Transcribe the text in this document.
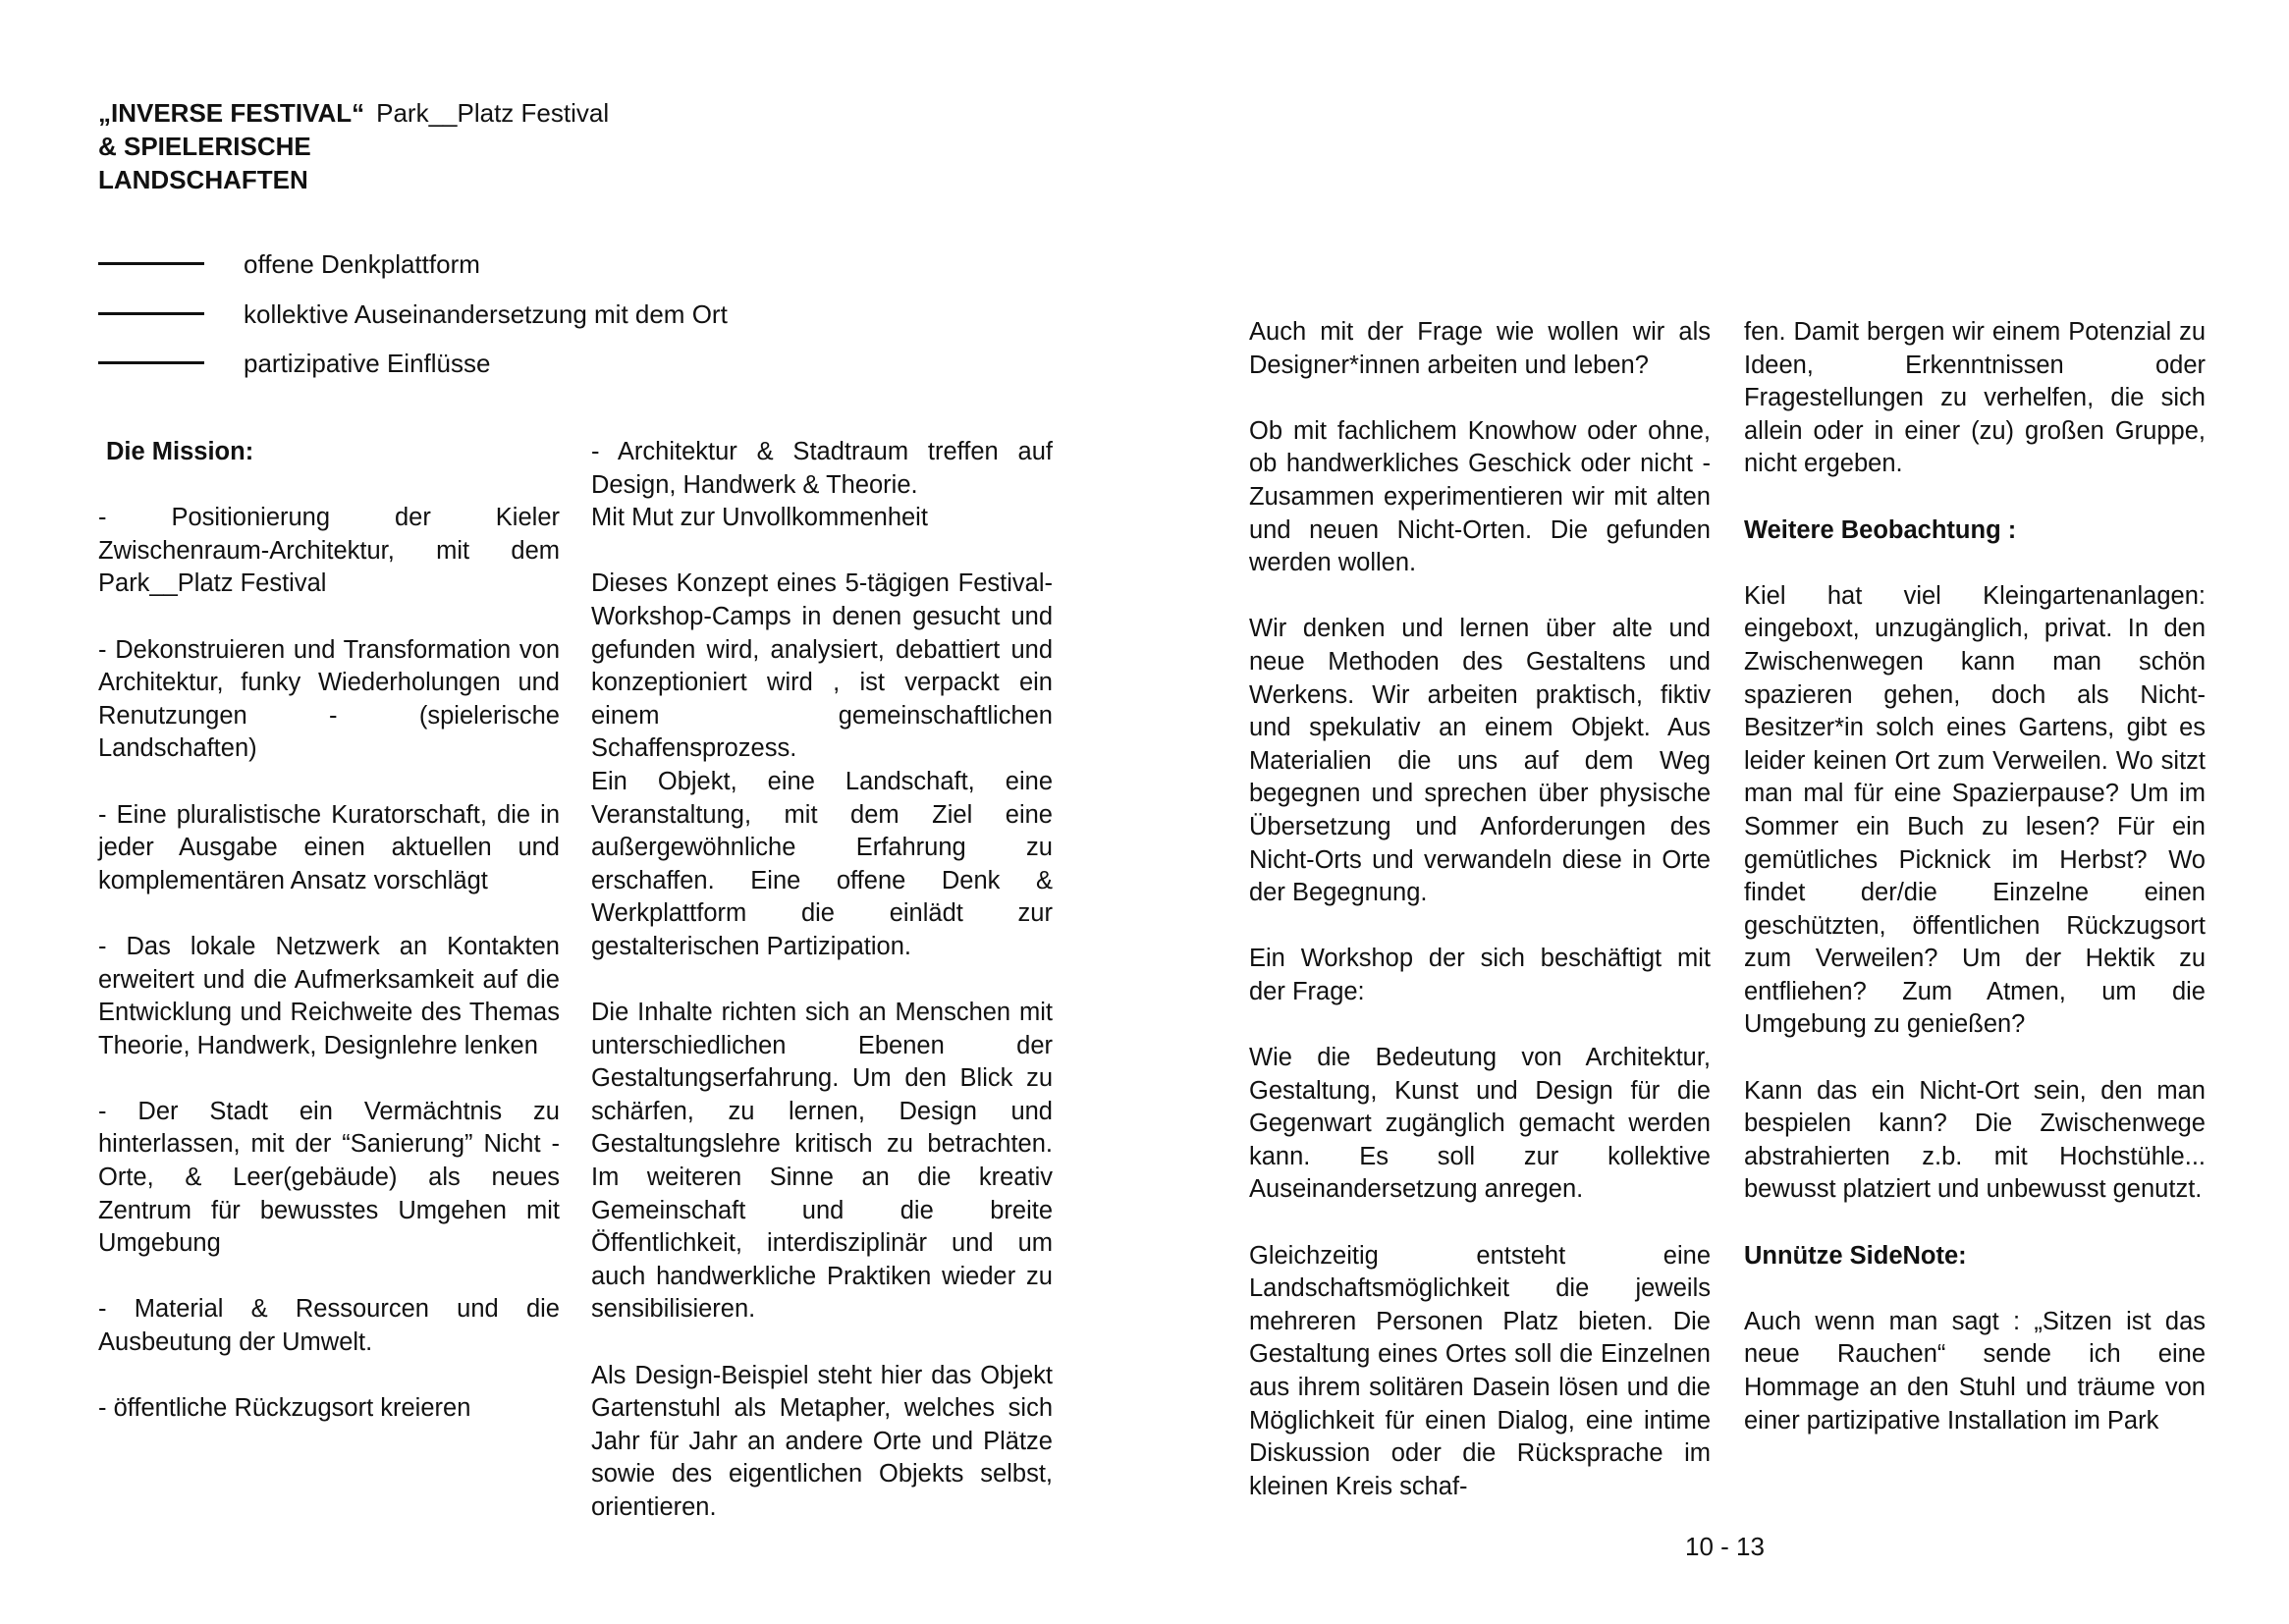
„INVERSE FESTIVAL“ Park__Platz Festival
& SPIELERISCHE
LANDSCHAFTEN
offene Denkplattform
kollektive Auseinandersetzung mit dem Ort
partizipative Einflüsse

Die Mission:

- Positionierung der Kieler Zwischenraum-Architektur, mit dem Park__Platz Festival

- Dekonstruieren und Transformation von Architektur, funky Wiederholungen und Renutzungen - (spielerische Landschaften)

- Eine pluralistische Kuratorschaft, die in jeder Ausgabe einen aktuellen und komplementären Ansatz vorschlägt

- Das lokale Netzwerk an Kontakten erweitert und die Aufmerksamkeit auf die Entwicklung und Reichweite des Themas Theorie, Handwerk, Designlehre lenken

- Der Stadt ein Vermächtnis zu hinterlassen, mit der “Sanierung” Nicht - Orte, & Leer(gebäude) als neues Zentrum für bewusstes Umgehen mit Umgebung

- Material & Ressourcen und die Ausbeutung der Umwelt.

- öffentliche Rückzugsort kreieren

- Architektur & Stadtraum treffen auf Design, Handwerk & Theorie.

Mit Mut zur Unvollkommenheit

Dieses Konzept eines 5-tägigen Festival-Workshop-Camps in denen gesucht und gefunden wird, analysiert, debattiert und konzeptioniert wird , ist verpackt ein einem gemeinschaftlichen Schaffensprozess.

Ein Objekt, eine Landschaft, eine Veranstaltung, mit dem Ziel eine außergewöhnliche Erfahrung zu erschaffen. Eine offene Denk & Werkplattform die einlädt zur gestalterischen Partizipation.

Die Inhalte richten sich an Menschen mit unterschiedlichen Ebenen der Gestaltungserfahrung. Um den Blick zu schärfen, zu lernen, Design und Gestaltungslehre kritisch zu betrachten. Im weiteren Sinne an die kreativ Gemeinschaft und die breite Öffentlichkeit, interdisziplinär und um auch handwerkliche Praktiken wieder zu sensibilisieren.

Als Design-Beispiel steht hier das Objekt Gartenstuhl als Metapher, welches sich Jahr für Jahr an andere Orte und Plätze sowie des eigentlichen Objekts selbst, orientieren.

Auch mit der Frage wie wollen wir als Designer*innen arbeiten und leben?

Ob mit fachlichem Knowhow oder ohne, ob handwerkliches Geschick oder nicht - Zusammen experimentieren wir mit alten und neuen Nicht-Orten. Die gefunden werden wollen.

Wir denken und lernen über alte und neue Methoden des Gestaltens und Werkens. Wir arbeiten praktisch, fiktiv und spekulativ an einem Objekt. Aus Materialien die uns auf dem Weg begegnen und sprechen über physische Übersetzung und Anforderungen des Nicht-Orts und verwandeln diese in Orte der Begegnung.

Ein Workshop der sich beschäftigt mit der Frage:

Wie die Bedeutung von Architektur, Gestaltung, Kunst und Design für die Gegenwart zugänglich gemacht werden kann. Es soll zur kollektive Auseinandersetzung anregen.

Gleichzeitig entsteht eine Landschaftsmöglichkeit die jeweils mehreren Personen Platz bieten. Die Gestaltung eines Ortes soll die Einzelnen aus ihrem solitären Dasein lösen und die Möglichkeit für einen Dialog, eine intime Diskussion oder die Rücksprache im kleinen Kreis schaf-

fen. Damit bergen wir einem Potenzial zu Ideen, Erkenntnissen oder Fragestellungen zu verhelfen, die sich allein oder in einer (zu) großen Gruppe, nicht ergeben.

Weitere Beobachtung :

Kiel hat viel Kleingartenanlagen: eingeboxt, unzugänglich, privat. In den Zwischenwegen kann man schön spazieren gehen, doch als Nicht-Besitzer*in solch eines Gartens, gibt es leider keinen Ort zum Verweilen. Wo sitzt man mal für eine Spazierpause? Um im Sommer ein Buch zu lesen? Für ein gemütliches Picknick im Herbst? Wo findet der/die Einzelne einen geschützten, öffentlichen Rückzugsort zum Verweilen? Um der Hektik zu entfliehen? Zum Atmen, um die Umgebung zu genießen?

Kann das ein Nicht-Ort sein, den man bespielen kann? Die Zwischenwege abstrahierten z.b. mit Hochstühle... bewusst platziert und unbewusst genutzt.

Unnütze SideNote:

Auch wenn man sagt : „Sitzen ist das neue Rauchen“ sende ich eine Hommage an den Stuhl und träume von einer partizipative Installation im Park

10 - 13
